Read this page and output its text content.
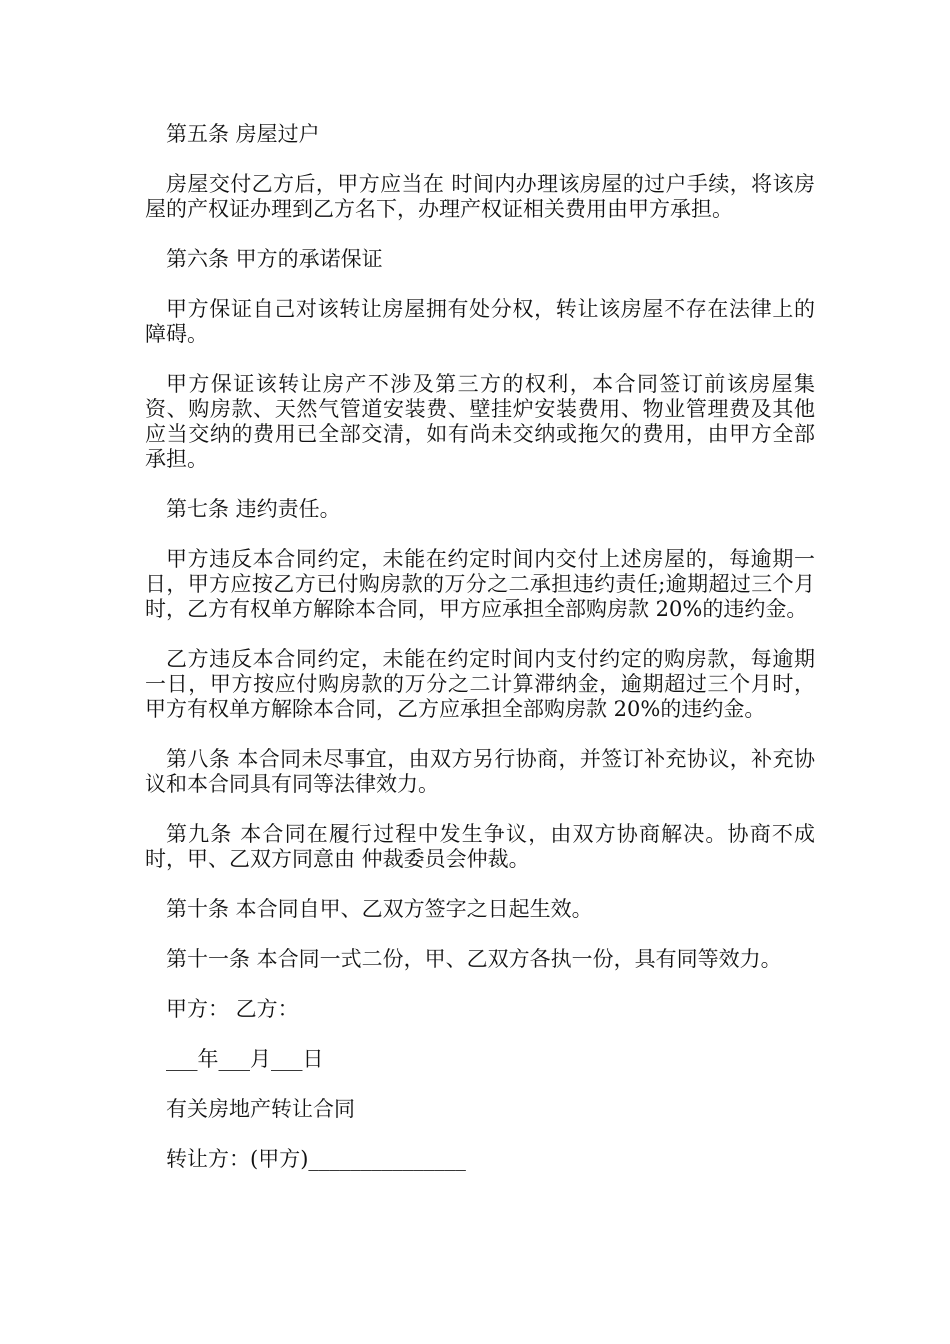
第五条 房屋过户

房屋交付乙方后，甲方应当在 时间内办理该房屋的过户手续，将该房屋的产权证办理到乙方名下，办理产权证相关费用由甲方承担。

第六条 甲方的承诺保证

甲方保证自己对该转让房屋拥有处分权，转让该房屋不存在法律上的障碍。

甲方保证该转让房产不涉及第三方的权利，本合同签订前该房屋集资、购房款、天然气管道安装费、壁挂炉安装费用、物业管理费及其他应当交纳的费用已全部交清，如有尚未交纳或拖欠的费用，由甲方全部承担。

第七条 违约责任。

甲方违反本合同约定，未能在约定时间内交付上述房屋的，每逾期一日，甲方应按乙方已付购房款的万分之二承担违约责任;逾期超过三个月时，乙方有权单方解除本合同，甲方应承担全部购房款 20%的违约金。

乙方违反本合同约定，未能在约定时间内支付约定的购房款，每逾期一日，甲方按应付购房款的万分之二计算滞纳金，逾期超过三个月时，甲方有权单方解除本合同，乙方应承担全部购房款 20%的违约金。

第八条 本合同未尽事宜，由双方另行协商，并签订补充协议，补充协议和本合同具有同等法律效力。

第九条 本合同在履行过程中发生争议，由双方协商解决。协商不成时，甲、乙双方同意由 仲裁委员会仲裁。

第十条 本合同自甲、乙双方签字之日起生效。

第十一条 本合同一式二份，甲、乙双方各执一份，具有同等效力。

甲方： 乙方：

___年___月___日

有关房地产转让合同

转让方：(甲方)_______________
